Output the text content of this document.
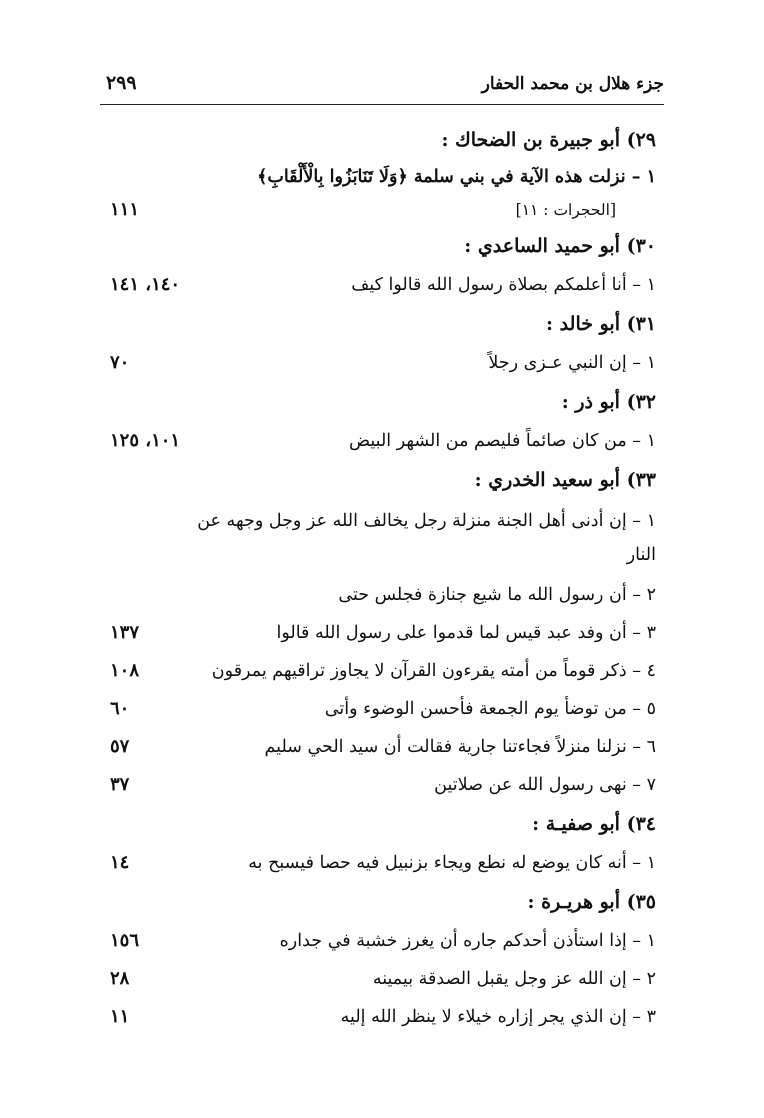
جزء هلال بن محمد الحفار
٢٩٩
٢٩) أبو جبيرة بن الضحاك :
١ – نزلت هذه الآية في بني سلمة ﴿وَلَا تَنَابَزُوا بِالْأَلْقَابِ﴾
[الحجرات : ١١]
١١١
٣٠) أبو حميد الساعدي :
١ – أنا أعلمكم بصلاة رسول الله قالوا كيف
١٤٠، ١٤١
٣١) أبو خالد :
١ – إن النبي عـزى رجلاً
٧٠
٣٢) أبو ذر :
١ – من كان صائماً فليصم من الشهر البيض
١٠١، ١٢٥
٣٣) أبو سعيد الخدري :
١ – إن أدنى أهل الجنة منزلة رجل يخالف الله عز وجل وجهه عن النار
٢ – أن رسول الله ما شيع جنازة فجلس حتى
٣ – أن وفد عبد قيس لما قدموا على رسول الله قالوا
١٣٧
٤ – ذكر قوماً من أمته يقرءون القرآن لا يجاوز تراقيهم يمرقون
١٠٨
٥ – من توضأ يوم الجمعة فأحسن الوضوء وأتى
٦٠
٦ – نزلنا منزلاً فجاءتنا جارية فقالت أن سيد الحي سليم
٥٧
٧ – نهى رسول الله عن صلاتين
٣٧
٣٤) أبو صفيـة :
١ – أنه كان يوضع له نطع ويجاء بزنبيل فيه حصا فيسبح به
١٤
٣٥) أبو هريـرة :
١ – إذا استأذن أحدكم جاره أن يغرز خشبة في جداره
١٥٦
٢ – إن الله عز وجل يقبل الصدقة بيمينه
٢٨
٣ – إن الذي يجر إزاره خيلاء لا ينظر الله إليه
١١
